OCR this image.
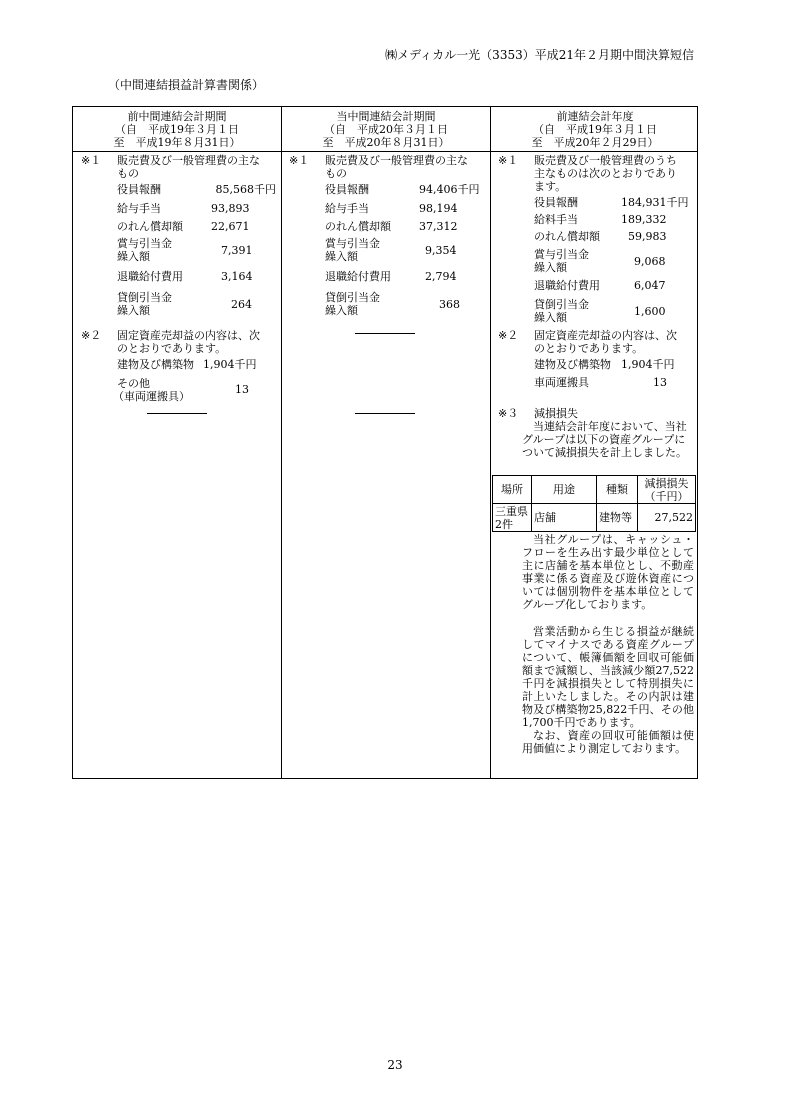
㈱メディカル一光（3353）平成21年２月期中間決算短信
（中間連結損益計算書関係）
前中間連結会計期間
（自　平成19年３月１日
至　平成19年８月31日）
当中間連結会計期間
（自　平成20年３月１日
至　平成20年８月31日）
前連結会計年度
（自　平成19年３月１日
至　平成20年２月29日）
※１ 販売費及び一般管理費の主な
もの
役員報酬	85,568千円
給与手当	93,893
のれん償却額	22,671
賞与引当金
繰入額	7,391
退職給付費用	3,164
貸倒引当金
繰入額	264
※２ 固定資産売却益の内容は、次
のとおりであります。
建物及び構築物 1,904千円
その他
（車両運搬具）
13
※１ 販売費及び一般管理費の主な
もの
役員報酬	94,406千円
給与手当	98,194
のれん償却額	37,312
賞与引当金
繰入額	9,354
退職給付費用	2,794
貸倒引当金
繰入額	368
※１ 販売費及び一般管理費のうち
主なものは次のとおりであり
ます。
役員報酬	184,931千円
給料手当	189,332
のれん償却額	59,983
賞与引当金
繰入額	9,068
退職給付費用	6,047
貸倒引当金
繰入額	1,600
※２ 固定資産売却益の内容は、次
のとおりであります。
建物及び構築物 1,904千円
車両運搬具	13
※３ 減損損失
当連結会計年度において、当社グループは以下の資産グループについて減損損失を計上しました。
場所	用途	種類	減損損失
（千円）

三重県
2件	店舗	建物等	27,522
当社グループは、キャッシュ・フローを生み出す最少単位として主に店舗を基本単位とし、不動産事業に係る資産及び遊休資産については個別物件を基本単位としてグループ化しております。
営業活動から生じる損益が継続してマイナスである資産グループについて、帳簿価額を回収可能価額まで減額し、当該減少額27,522千円を減損損失として特別損失に計上いたしました。その内訳は建物及び構築物25,822千円、その他1,700千円であります。
なお、資産の回収可能価額は使用価値により測定しております。
23
